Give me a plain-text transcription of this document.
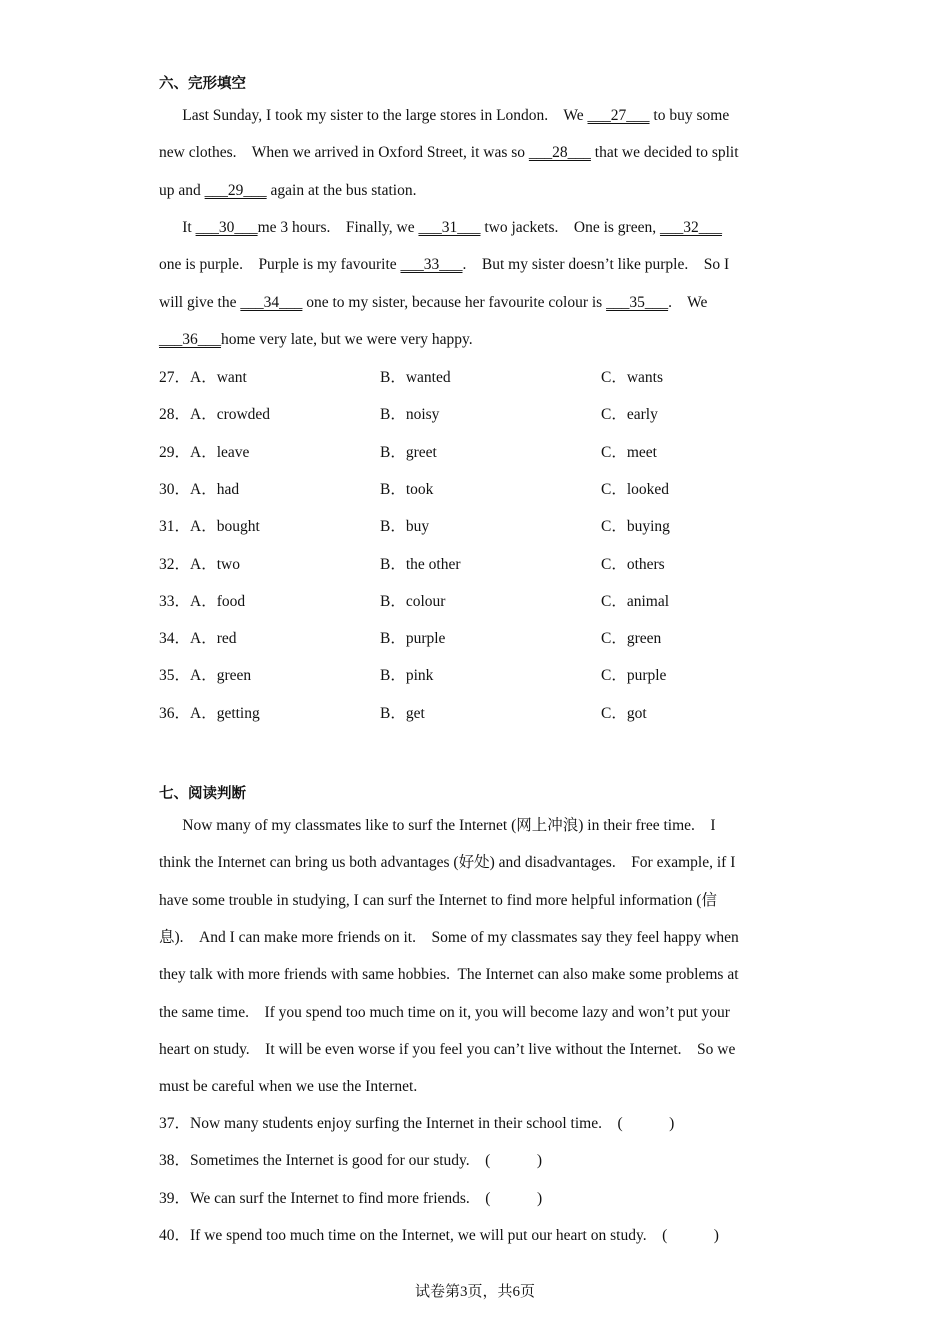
六、完形填空
Last Sunday, I took my sister to the large stores in London.    We ___27___ to buy some
new clothes.    When we arrived in Oxford Street, it was so ___28___ that we decided to split
up and ___29___ again at the bus station.
It ___30___me 3 hours.    Finally, we ___31___ two jackets.    One is green, ___32___
one is purple.    Purple is my favourite ___33___.    But my sister doesn’t like purple.    So I
will give the ___34___ one to my sister, because her favourite colour is ___35___.    We
___36___home very late, but we were very happy.
27．A．want	B．wanted	C．wants
28．A．crowded	B．noisy	C．early
29．A．leave	B．greet	C．meet
30．A．had	B．took	C．looked
31．A．bought	B．buy	C．buying
32．A．two	B．the other	C．others
33．A．food	B．colour	C．animal
34．A．red	B．purple	C．green
35．A．green	B．pink	C．purple
36．A．getting	B．get	C．got
七、阅读判断
Now many of my classmates like to surf the Internet (网上冲浪) in their free time.    I
think the Internet can bring us both advantages (好处) and disadvantages.    For example, if I
have some trouble in studying, I can surf the Internet to find more helpful information (信
息).    And I can make more friends on it.    Some of my classmates say they feel happy when
they talk with more friends with same hobbies.  The Internet can also make some problems at
the same time.    If you spend too much time on it, you will become lazy and won’t put your
heart on study.    It will be even worse if you feel you can’t live without the Internet.    So we
must be careful when we use the Internet.
37．Now many students enjoy surfing the Internet in their school time.    (            )
38．Sometimes the Internet is good for our study.    (            )
39．We can surf the Internet to find more friends.    (            )
40．If we spend too much time on the Internet, we will put our heart on study.    (            )
试卷第3页，共6页
